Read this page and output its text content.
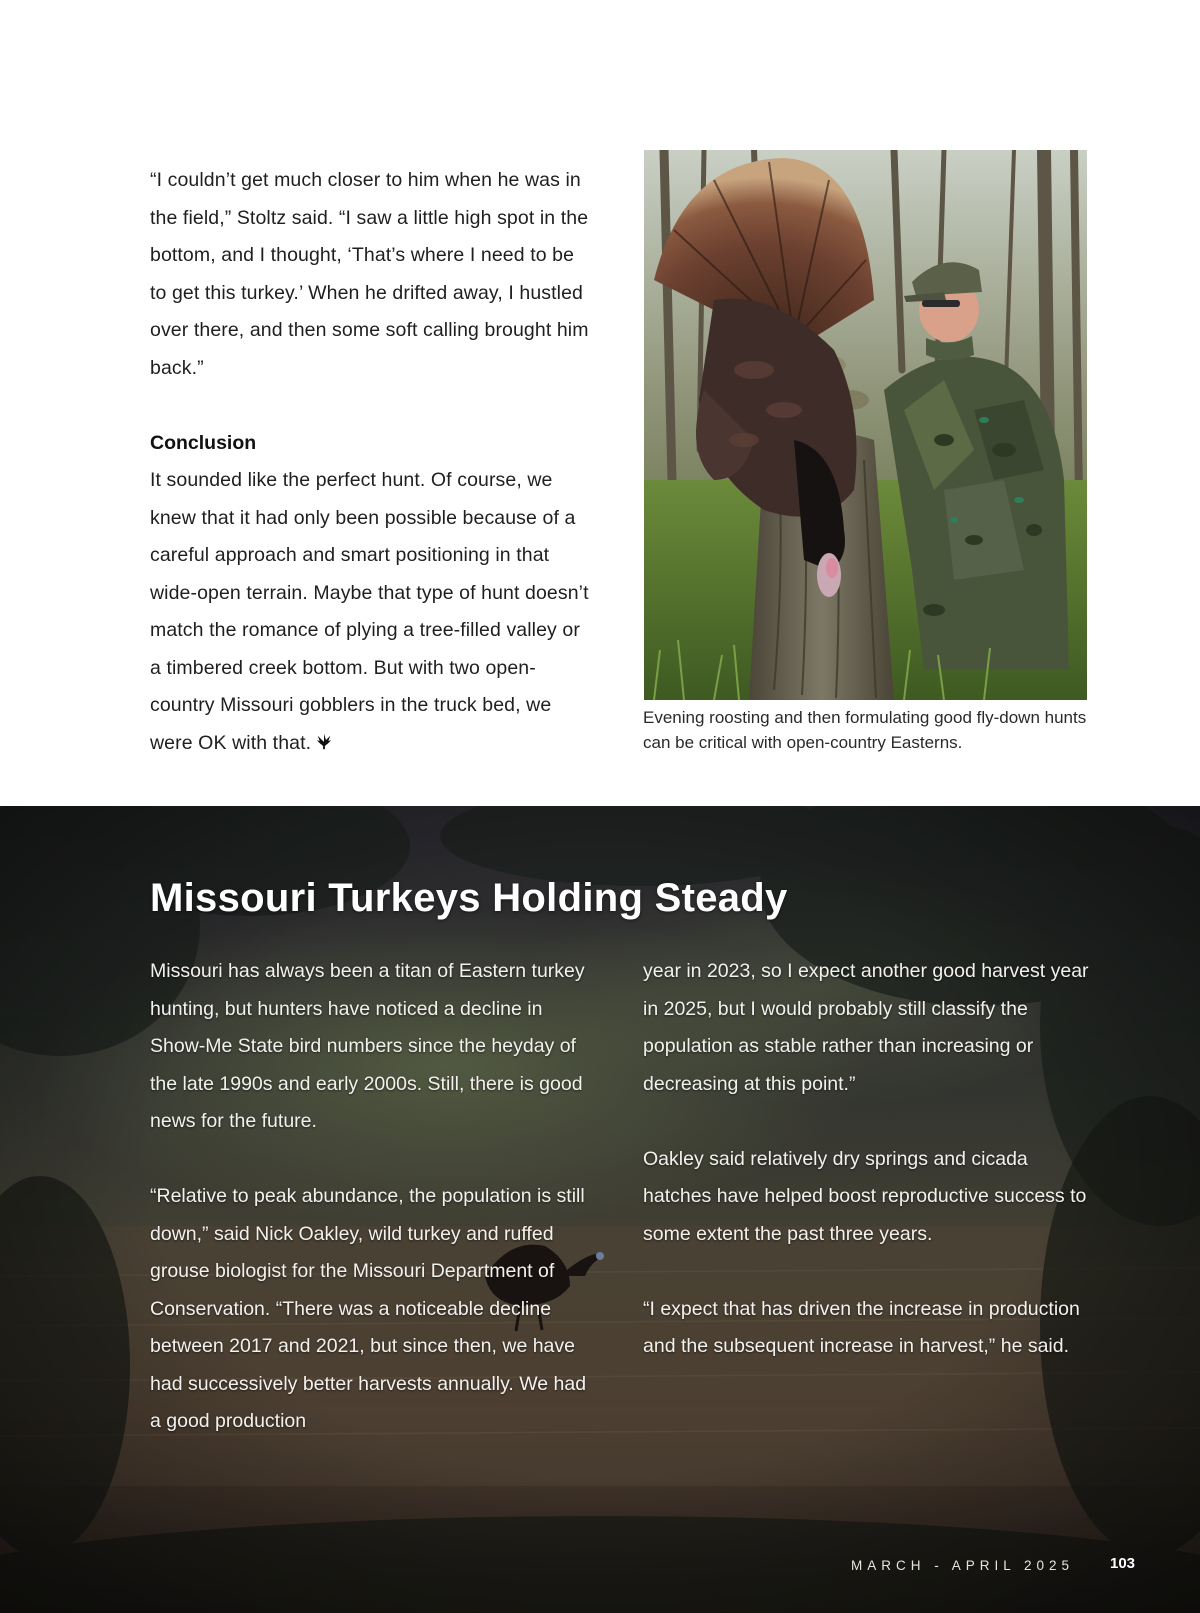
“I couldn’t get much closer to him when he was in the field,” Stoltz said. “I saw a little high spot in the bottom, and I thought, ‘That’s where I need to be to get this turkey.’ When he drifted away, I hustled over there, and then some soft calling brought him back.”

Conclusion

It sounded like the perfect hunt. Of course, we knew that it had only been possible because of a careful approach and smart positioning in that wide-open terrain. Maybe that type of hunt doesn’t match the romance of plying a tree-filled valley or a timbered creek bottom. But with two open-country Missouri gobblers in the truck bed, we were OK with that.

Evening roosting and then formulating good fly-down hunts can be critical with open-country Easterns.

Missouri Turkeys Holding Steady

Missouri has always been a titan of Eastern turkey hunting, but hunters have noticed a decline in Show-Me State bird numbers since the heyday of the late 1990s and early 2000s. Still, there is good news for the future.

“Relative to peak abundance, the population is still down,” said Nick Oakley, wild turkey and ruffed grouse biologist for the Missouri Department of Conservation. “There was a noticeable decline between 2017 and 2021, but since then, we have had successively better harvests annually. We had a good production

year in 2023, so I expect another good harvest year in 2025, but I would probably still classify the population as stable rather than increasing or decreasing at this point.”

Oakley said relatively dry springs and cicada hatches have helped boost reproductive success to some extent the past three years.

“I expect that has driven the increase in production and the subsequent increase in harvest,” he said.

MARCH - APRIL 2025 103
